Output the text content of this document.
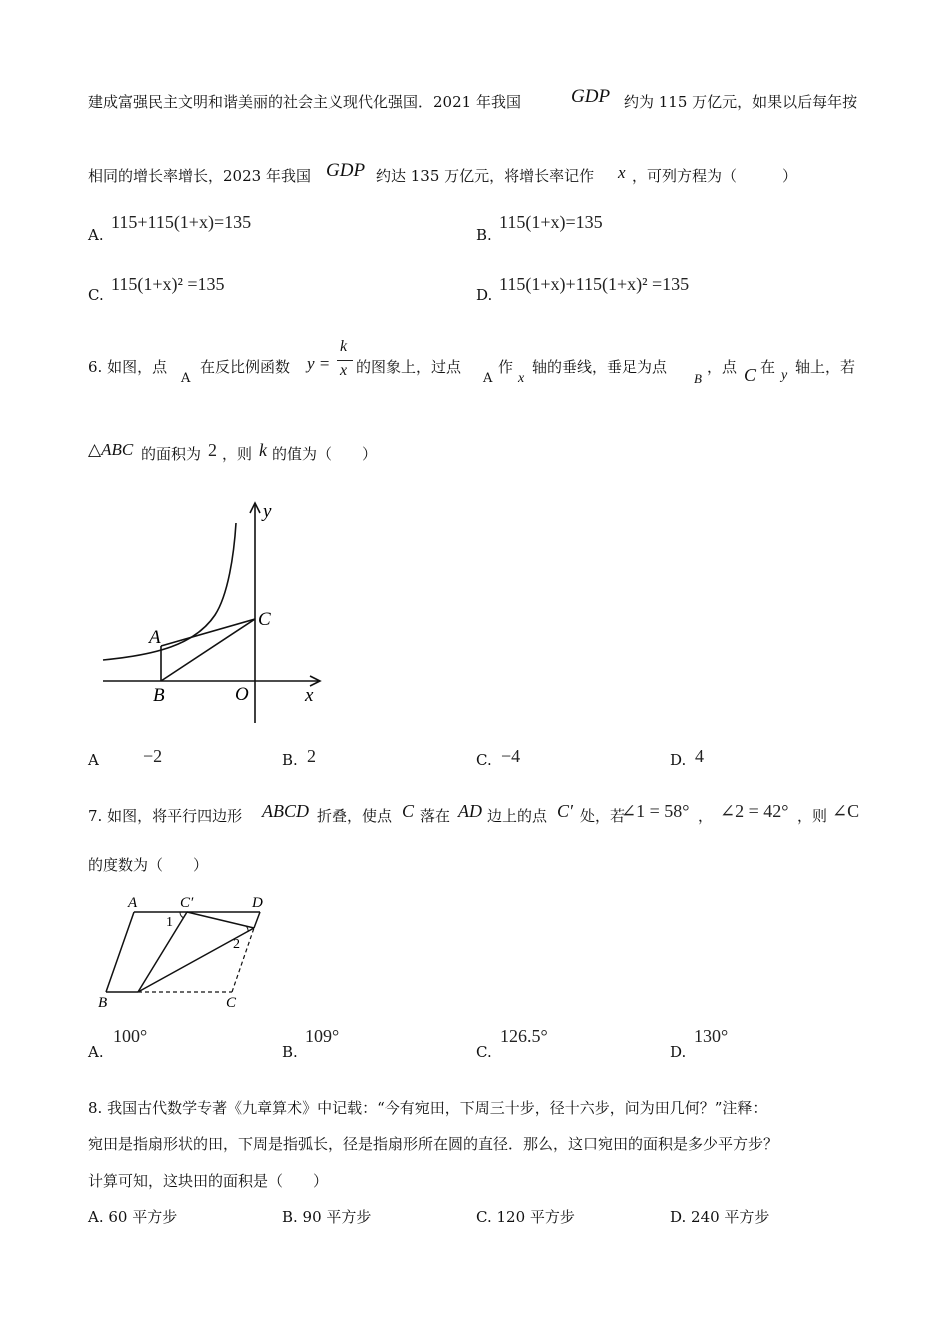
建成富强民主文明和谐美丽的社会主义现代化强国．2021 年我国	GDP 约为 115 万亿元，如果以后每年按
相同的增长率增长，2023 年我国 GDP 约达 135 万亿元，将增长率记作 x ，可列方程为（　　　）
A.
115+115(1+x)=135
B.
115(1+x)=135
C.
115(1+x)² =135
D.
115(1+x)+115(1+x)² =135
6. 如图，点
A
在反比例函数 y =
k
x 的图象上，过点
A
作
x
轴的垂线，垂足为点
B
，点 C 在 y 轴上，若
△ABC 的面积为 2 ，则 k 的值为（　　）
y
x
A
B
C
O
A −2	B. 2	C. −4	D. 4
7. 如图，将平行四边形 ABCD 折叠，使点 C 落在 AD 边上的点 C′ 处，若
∠1 = 58° ， ∠2 = 42° ，则 ∠C
的度数为（　　）
A	C′	D
B	C
1
2
A.
100°
B.
109°
C.
126.5°
D.
130°
8. 我国古代数学专著《九章算术》中记载：“今有宛田，下周三十步，径十六步，问为田几何？”注释：
宛田是指扇形状的田，下周是指弧长，径是指扇形所在圆的直径．那么，这口宛田的面积是多少平方步？
计算可知，这块田的面积是（　　）
A. 60 平方步	B. 90 平方步	C. 120 平方步	D. 240 平方步
